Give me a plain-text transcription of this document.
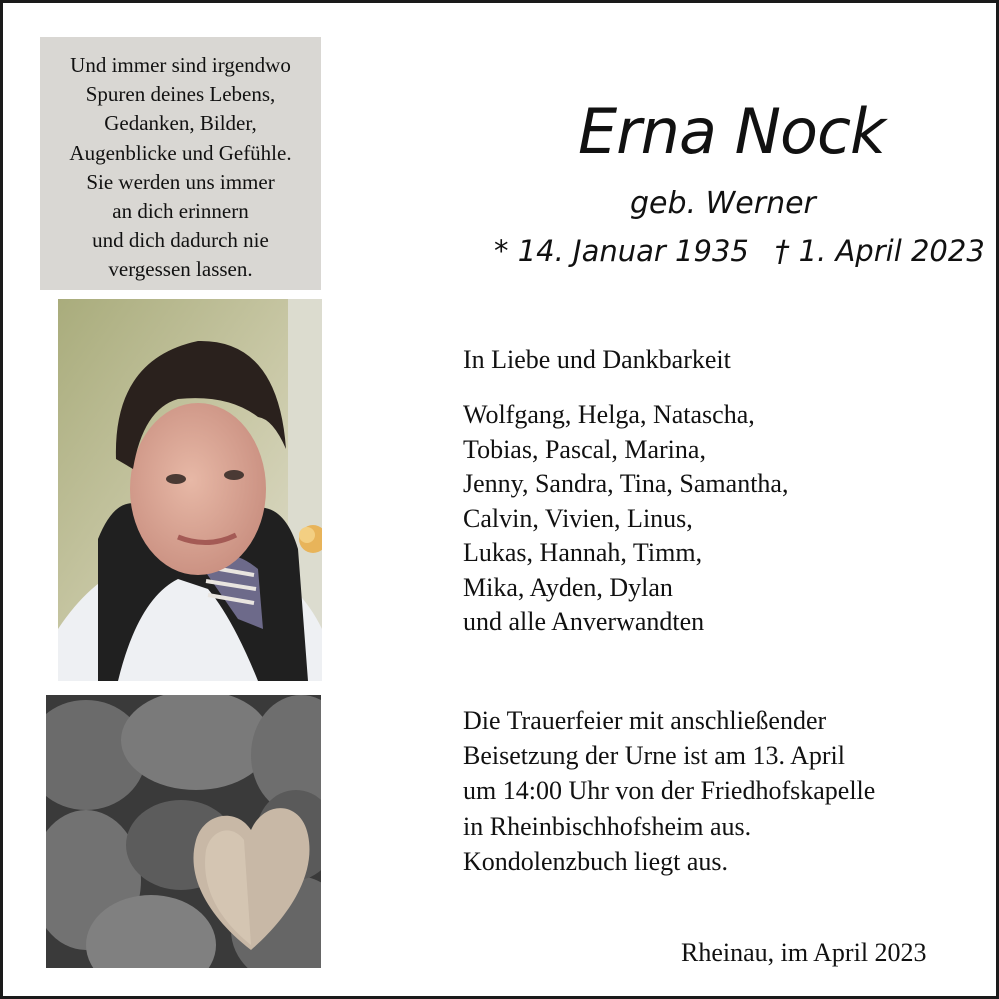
Und immer sind irgendwo
Spuren deines Lebens,
Gedanken, Bilder,
Augenblicke und Gefühle.
Sie werden uns immer
an dich erinnern
und dich dadurch nie
vergessen lassen.
Erna Nock
geb. Werner
* 14. Januar 1935 † 1. April 2023
In Liebe und Dankbarkeit
Wolfgang, Helga, Natascha,
Tobias, Pascal, Marina,
Jenny, Sandra, Tina, Samantha,
Calvin, Vivien, Linus,
Lukas, Hannah, Timm,
Mika, Ayden, Dylan
und alle Anverwandten
Die Trauerfeier mit anschließender
Beisetzung der Urne ist am 13. April
um 14:00 Uhr von der Friedhofskapelle
in Rheinbischhofsheim aus.
Kondolenzbuch liegt aus.
Rheinau, im April 2023
